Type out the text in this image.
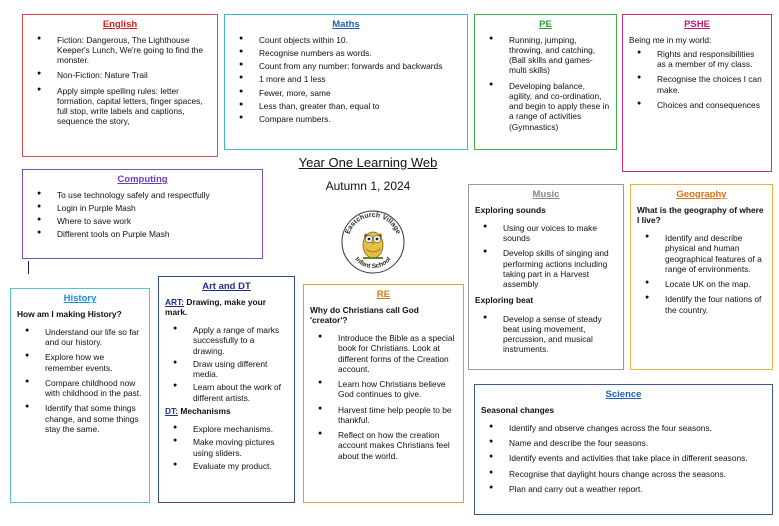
English
● Fiction: Dangerous, The Lighthouse Keeper's Lunch, We're going to find the monster.
● Non-Fiction: Nature Trail
● Apply simple spelling rules: letter formation, capital letters, finger spaces, full stop, write labels and captions, sequence the story,
Maths
● Count objects within 10.
● Recognise numbers as words.
● Count from any number: forwards and backwards
● 1 more and 1 less
● Fewer, more, same
● Less than, greater than, equal to
● Compare numbers.
PE
● Running, jumping, throwing, and catching, (Ball skills and games-multi skills)
● Developing balance, agility, and co-ordination, and begin to apply these in a range of activities (Gymnastics)
PSHE
Being me in my world:
● Rights and responsibilities as a member of my class.
● Recognise the choices I can make.
● Choices and consequences
Year One Learning Web
Autumn 1, 2024
Computing
● To use technology safely and respectfully
● Login in Purple Mash
● Where to save work
● Different tools on Purple Mash	Eastchurch Village
Infant School
History
How am I making History?
● Understand our life so far and our history.
● Explore how we remember events.
● Compare childhood now with childhood in the past.
● Identify that some things change, and some things stay the same.
Art and DT
ART: Drawing, make your mark.
● Apply a range of marks successfully to a drawing.
● Draw using different media.
● Learn about the work of different artists.
DT: Mechanisms
● Explore mechanisms.
● Make moving pictures using sliders.
● Evaluate my product.
RE
Why do Christians call God 'creator'?
● Introduce the Bible as a special book for Christians. Look at different forms of the Creation account.
● Learn how Christians believe God continues to give.
● Harvest time help people to be thankful.
● Reflect on how the creation account makes Christians feel about the world.
Music
Exploring sounds
● Using our voices to make sounds
● Develop skills of singing and performing actions including taking part in a Harvest assembly
Exploring beat
● Develop a sense of steady beat using movement, percussion, and musical instruments.
Geography
What is the geography of where I live?
● Identify and describe physical and human geographical features of a range of environments.
● Locate UK on the map.
● Identify the four nations of the country.
Science
Seasonal changes
● Identify and observe changes across the four seasons.
● Name and describe the four seasons.
● Identify events and activities that take place in different seasons.
● Recognise that daylight hours change across the seasons.
● Plan and carry out a weather report.
